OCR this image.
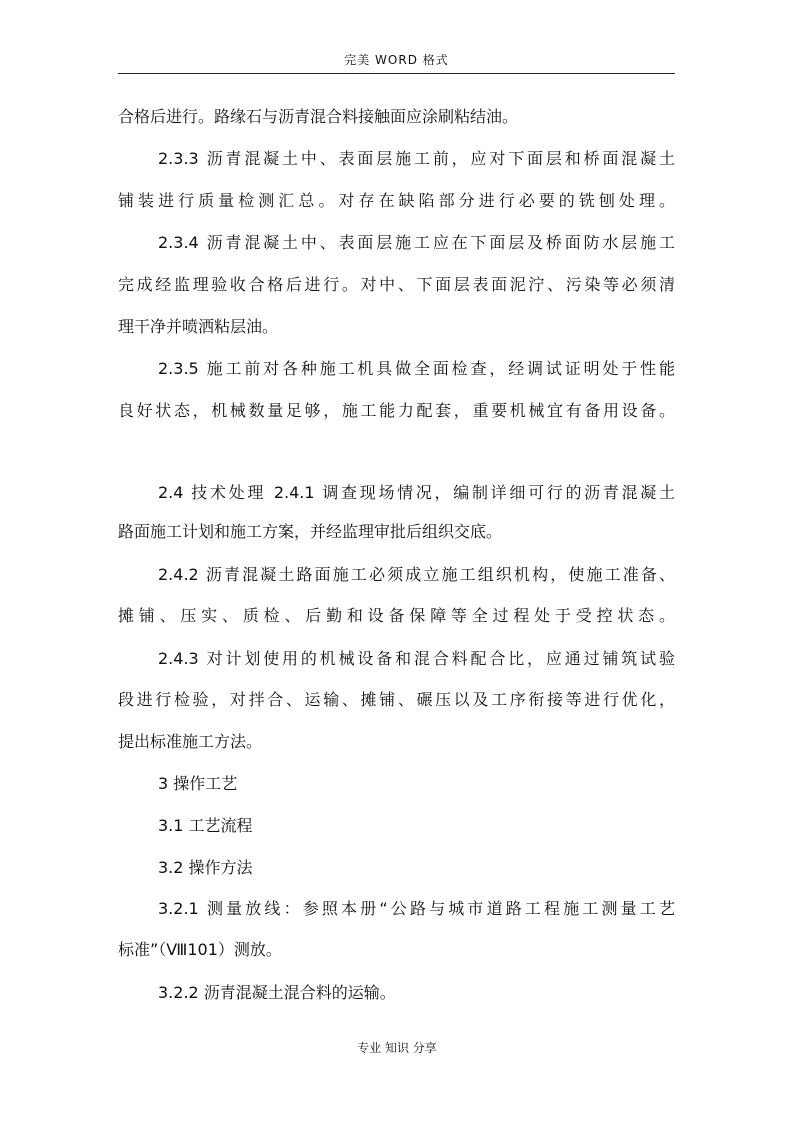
完美 WORD 格式
合格后进行。路缘石与沥青混合料接触面应涂刷粘结油。
2.3.3 沥青混凝土中、表面层施工前，应对下面层和桥面混凝土
铺装进行质量检测汇总。对存在缺陷部分进行必要的铣刨处理。
2.3.4 沥青混凝土中、表面层施工应在下面层及桥面防水层施工
完成经监理验收合格后进行。对中、下面层表面泥泞、污染等必须清
理干净并喷洒粘层油。
2.3.5 施工前对各种施工机具做全面检查，经调试证明处于性能
良好状态，机械数量足够，施工能力配套，重要机械宜有备用设备。
2.4 技术处理 2.4.1 调查现场情况，编制详细可行的沥青混凝土
路面施工计划和施工方案，并经监理审批后组织交底。
2.4.2 沥青混凝土路面施工必须成立施工组织机构，使施工准备、
摊铺、压实、质检、后勤和设备保障等全过程处于受控状态。
2.4.3 对计划使用的机械设备和混合料配合比，应通过铺筑试验
段进行检验，对拌合、运输、摊铺、碾压以及工序衔接等进行优化，
提出标准施工方法。
3 操作工艺
3.1 工艺流程
3.2 操作方法
3.2.1 测量放线：参照本册“公路与城市道路工程施工测量工艺
标准”（Ⅷ101）测放。
3.2.2 沥青混凝土混合料的运输。
专业 知识 分享
